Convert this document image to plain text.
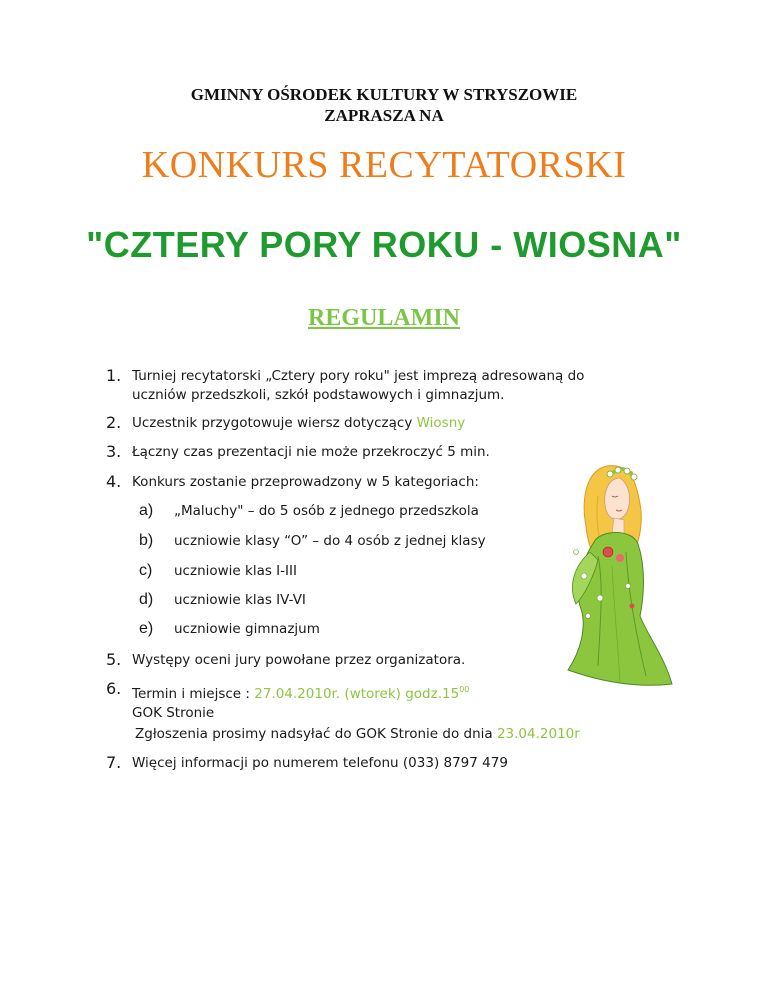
GMINNY OŚRODEK KULTURY W STRYSZOWIE
ZAPRASZA NA
KONKURS RECYTATORSKI
"CZTERY PORY ROKU - WIOSNA"
REGULAMIN
1. Turniej recytatorski „Cztery pory roku" jest imprezą adresowaną do
uczniów przedszkoli, szkół podstawowych i gimnazjum.
2. Uczestnik przygotowuje wiersz dotyczący Wiosny
3. Łączny czas prezentacji nie może przekroczyć 5 min.
4. Konkurs zostanie przeprowadzony w 5 kategoriach:
a) „Maluchy" – do 5 osób z jednego przedszkola
b) uczniowie klasy “O” – do 4 osób z jednej klasy
c) uczniowie klas I-III
d) uczniowie klas IV-VI
e) uczniowie gimnazjum
5. Występy oceni jury powołane przez organizatora.
6. Termin i miejsce : 27.04.2010r. (wtorek) $godz.15^{00}$
GOK Stronie
Zgłoszenia prosimy nadsyłać do GOK Stronie do dnia 23.04.2010r
7. Więcej informacji po numerem telefonu (033) 8797 479
